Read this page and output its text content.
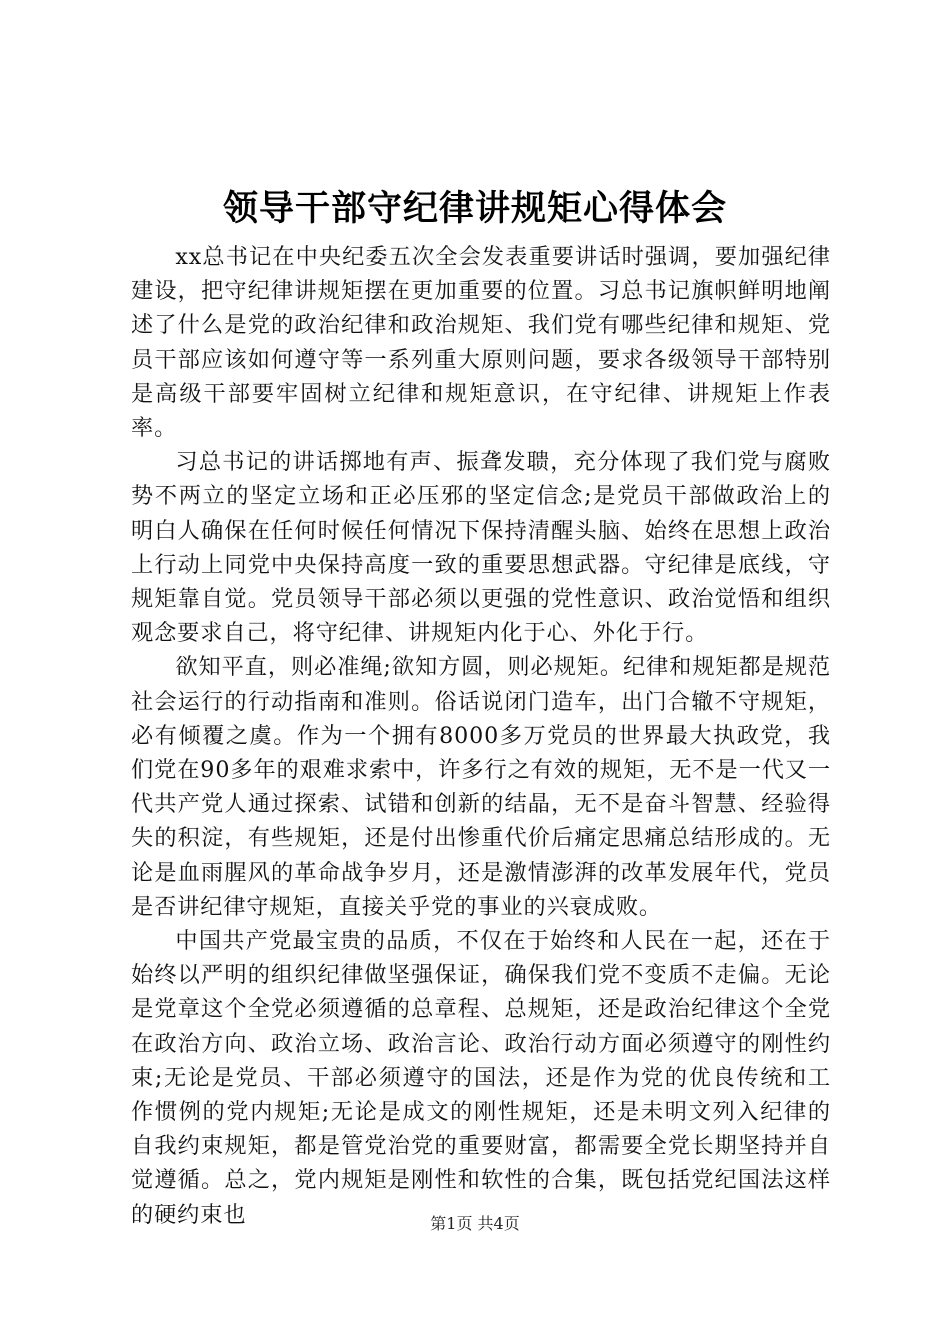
领导干部守纪律讲规矩心得体会

xx总书记在中央纪委五次全会发表重要讲话时强调，要加强纪律建设，把守纪律讲规矩摆在更加重要的位置。习总书记旗帜鲜明地阐述了什么是党的政治纪律和政治规矩、我们党有哪些纪律和规矩、党员干部应该如何遵守等一系列重大原则问题，要求各级领导干部特别是高级干部要牢固树立纪律和规矩意识，在守纪律、讲规矩上作表率。

习总书记的讲话掷地有声、振聋发聩，充分体现了我们党与腐败势不两立的坚定立场和正必压邪的坚定信念;是党员干部做政治上的明白人确保在任何时候任何情况下保持清醒头脑、始终在思想上政治上行动上同党中央保持高度一致的重要思想武器。守纪律是底线，守规矩靠自觉。党员领导干部必须以更强的党性意识、政治觉悟和组织观念要求自己，将守纪律、讲规矩内化于心、外化于行。

欲知平直，则必准绳;欲知方圆，则必规矩。纪律和规矩都是规范社会运行的行动指南和准则。俗话说闭门造车，出门合辙不守规矩，必有倾覆之虞。作为一个拥有8000多万党员的世界最大执政党，我们党在90多年的艰难求索中，许多行之有效的规矩，无不是一代又一代共产党人通过探索、试错和创新的结晶，无不是奋斗智慧、经验得失的积淀，有些规矩，还是付出惨重代价后痛定思痛总结形成的。无论是血雨腥风的革命战争岁月，还是激情澎湃的改革发展年代，党员是否讲纪律守规矩，直接关乎党的事业的兴衰成败。

中国共产党最宝贵的品质，不仅在于始终和人民在一起，还在于始终以严明的组织纪律做坚强保证，确保我们党不变质不走偏。无论是党章这个全党必须遵循的总章程、总规矩，还是政治纪律这个全党在政治方向、政治立场、政治言论、政治行动方面必须遵守的刚性约束;无论是党员、干部必须遵守的国法，还是作为党的优良传统和工作惯例的党内规矩;无论是成文的刚性规矩，还是未明文列入纪律的自我约束规矩，都是管党治党的重要财富，都需要全党长期坚持并自觉遵循。总之，党内规矩是刚性和软性的合集，既包括党纪国法这样的硬约束也	第1页 共4页
